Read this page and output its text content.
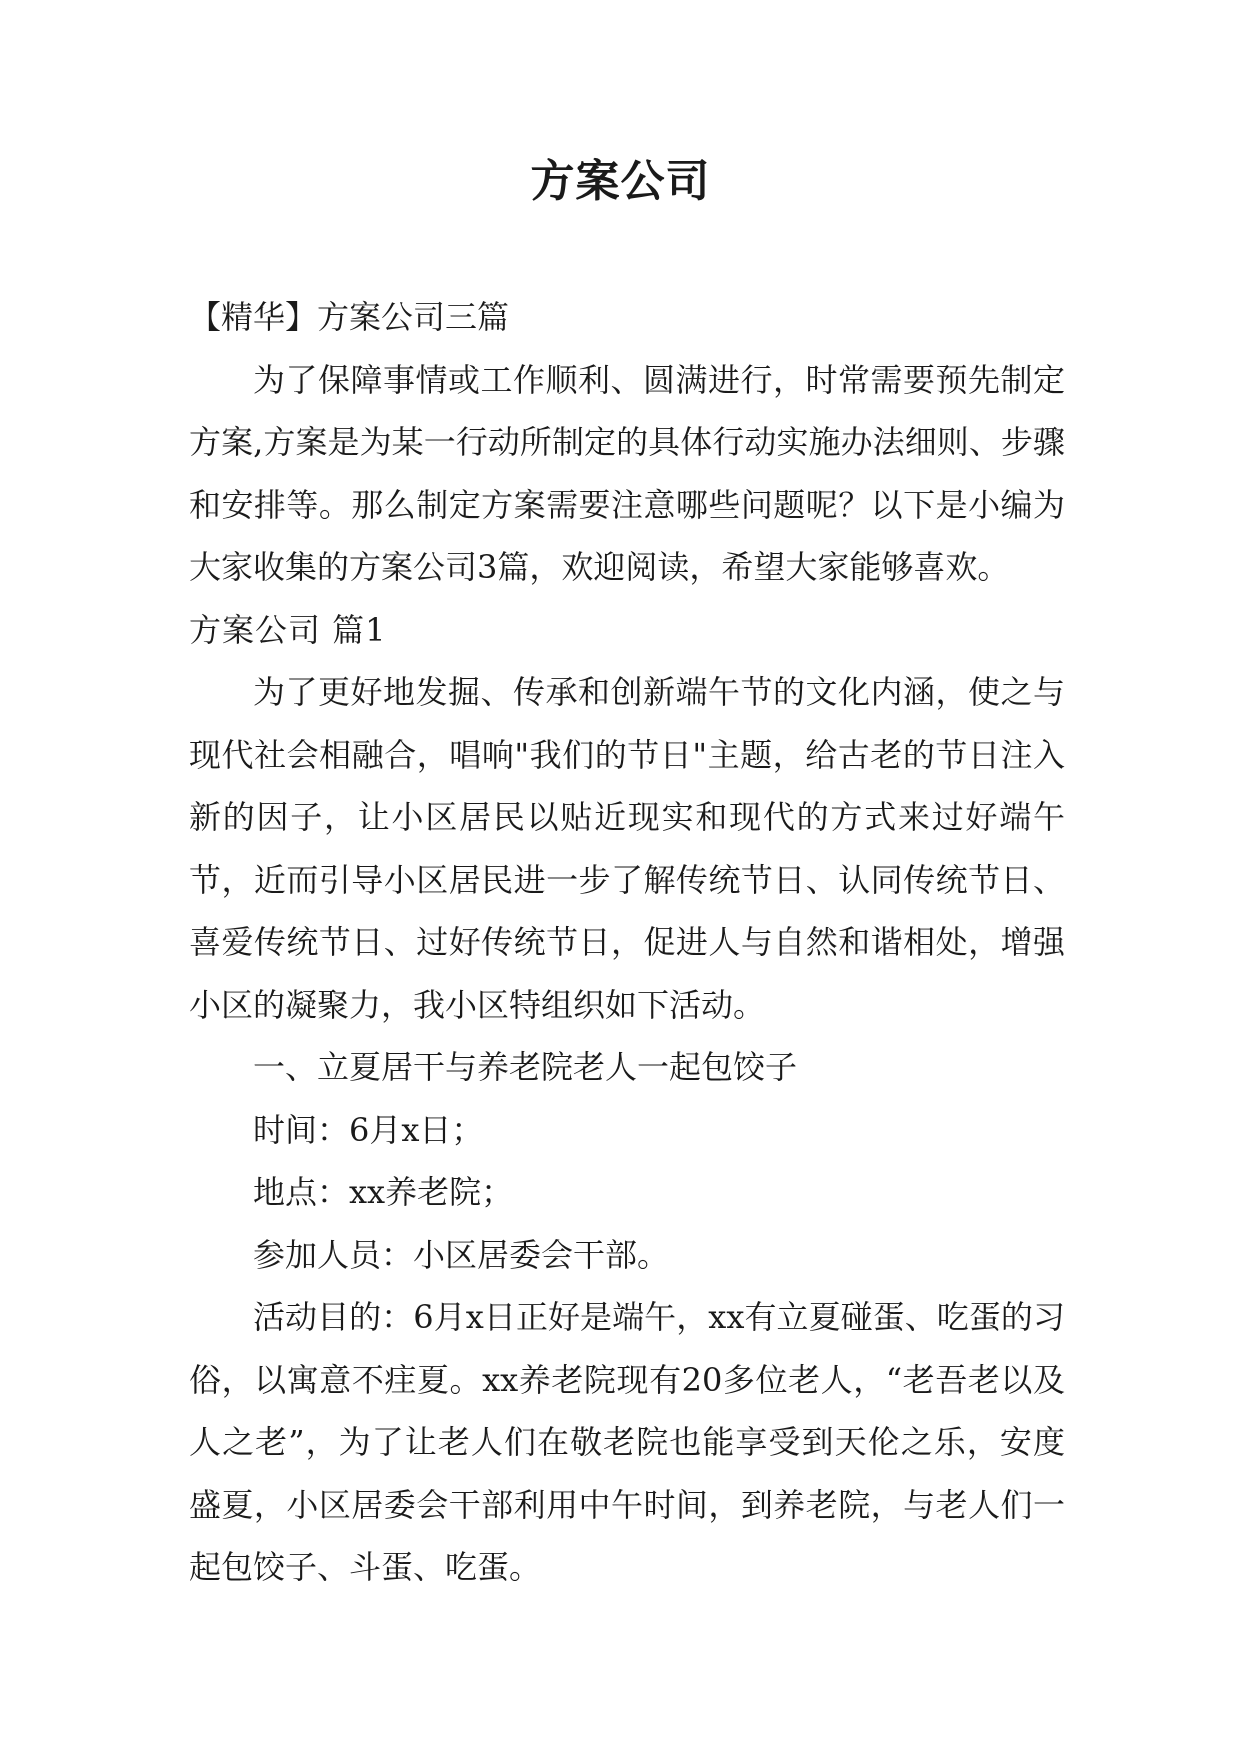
方案公司

【精华】方案公司三篇

为了保障事情或工作顺利、圆满进行，时常需要预先制定方案,方案是为某一行动所制定的具体行动实施办法细则、步骤和安排等。那么制定方案需要注意哪些问题呢？以下是小编为大家收集的方案公司3篇，欢迎阅读，希望大家能够喜欢。

方案公司 篇1

为了更好地发掘、传承和创新端午节的文化内涵，使之与现代社会相融合，唱响"我们的节日"主题，给古老的节日注入新的因子，让小区居民以贴近现实和现代的方式来过好端午节，近而引导小区居民进一步了解传统节日、认同传统节日、喜爱传统节日、过好传统节日，促进人与自然和谐相处，增强小区的凝聚力，我小区特组织如下活动。

一、立夏居干与养老院老人一起包饺子

时间：6月x日；

地点：xx养老院；

参加人员：小区居委会干部。

活动目的：6月x日正好是端午，xx有立夏碰蛋、吃蛋的习俗，以寓意不疰夏。xx养老院现有20多位老人，“老吾老以及人之老”，为了让老人们在敬老院也能享受到天伦之乐，安度盛夏，小区居委会干部利用中午时间，到养老院，与老人们一起包饺子、斗蛋、吃蛋。
